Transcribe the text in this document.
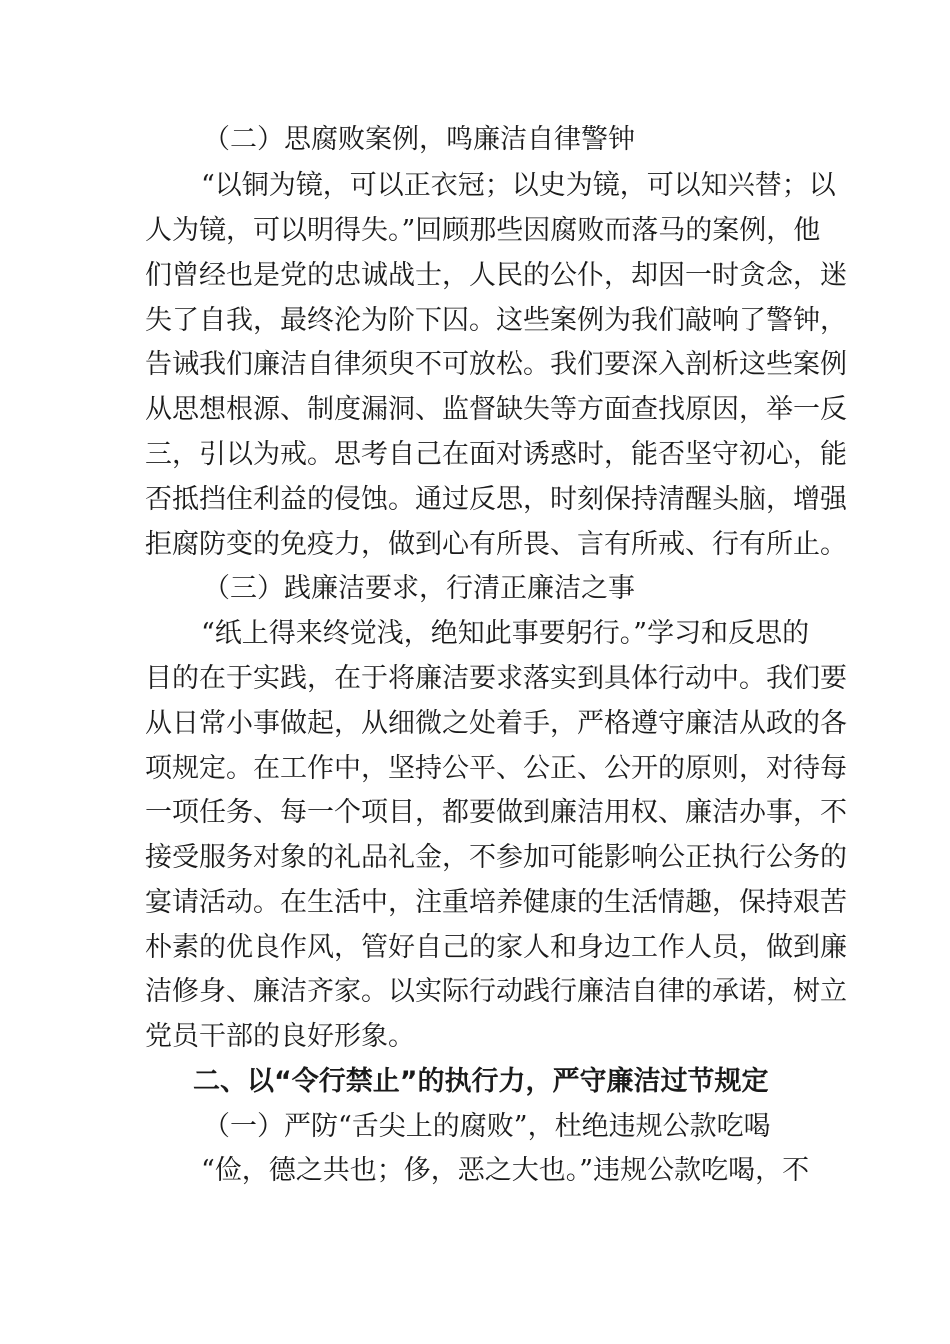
（二）思腐败案例，鸣廉洁自律警钟
“以铜为镜，可以正衣冠；以史为镜，可以知兴替；以
人为镜，可以明得失。”回顾那些因腐败而落马的案例，他
们曾经也是党的忠诚战士，人民的公仆，却因一时贪念，迷
失了自我，最终沦为阶下囚。这些案例为我们敲响了警钟，
告诫我们廉洁自律须臾不可放松。我们要深入剖析这些案例
从思想根源、制度漏洞、监督缺失等方面查找原因，举一反
三，引以为戒。思考自己在面对诱惑时，能否坚守初心，能
否抵挡住利益的侵蚀。通过反思，时刻保持清醒头脑，增强
拒腐防变的免疫力，做到心有所畏、言有所戒、行有所止。
（三）践廉洁要求，行清正廉洁之事
“纸上得来终觉浅，绝知此事要躬行。”学习和反思的
目的在于实践，在于将廉洁要求落实到具体行动中。我们要
从日常小事做起，从细微之处着手，严格遵守廉洁从政的各
项规定。在工作中，坚持公平、公正、公开的原则，对待每
一项任务、每一个项目，都要做到廉洁用权、廉洁办事，不
接受服务对象的礼品礼金，不参加可能影响公正执行公务的
宴请活动。在生活中，注重培养健康的生活情趣，保持艰苦
朴素的优良作风，管好自己的家人和身边工作人员，做到廉
洁修身、廉洁齐家。以实际行动践行廉洁自律的承诺，树立
党员干部的良好形象。
二、以“令行禁止”的执行力，严守廉洁过节规定
（一）严防“舌尖上的腐败”，杜绝违规公款吃喝
“俭，德之共也；侈，恶之大也。”违规公款吃喝，不
